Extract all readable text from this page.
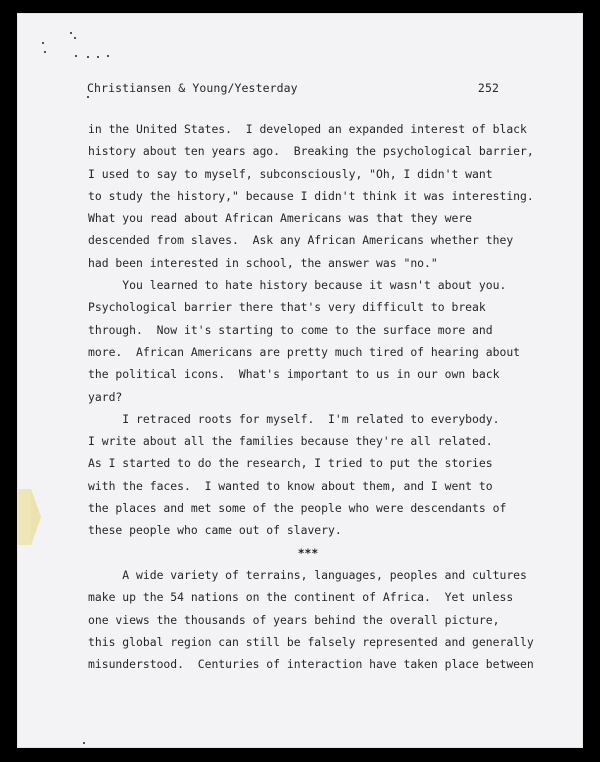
Christiansen & Young/Yesterday	252
in the United States.  I developed an expanded interest of black
history about ten years ago.  Breaking the psychological barrier,
I used to say to myself, subconsciously, "Oh, I didn't want
to study the history," because I didn't think it was interesting.
What you read about African Americans was that they were
descended from slaves.  Ask any African Americans whether they
had been interested in school, the answer was "no."
You learned to hate history because it wasn't about you.
Psychological barrier there that's very difficult to break
through.  Now it's starting to come to the surface more and
more.  African Americans are pretty much tired of hearing about
the political icons.  What's important to us in our own back
yard?
I retraced roots for myself.  I'm related to everybody.
I write about all the families because they're all related.
As I started to do the research, I tried to put the stories
with the faces.  I wanted to know about them, and I went to
the places and met some of the people who were descendants of
these people who came out of slavery.
***
A wide variety of terrains, languages, peoples and cultures
make up the 54 nations on the continent of Africa.  Yet unless
one views the thousands of years behind the overall picture,
this global region can still be falsely represented and generally
misunderstood.  Centuries of interaction have taken place between
